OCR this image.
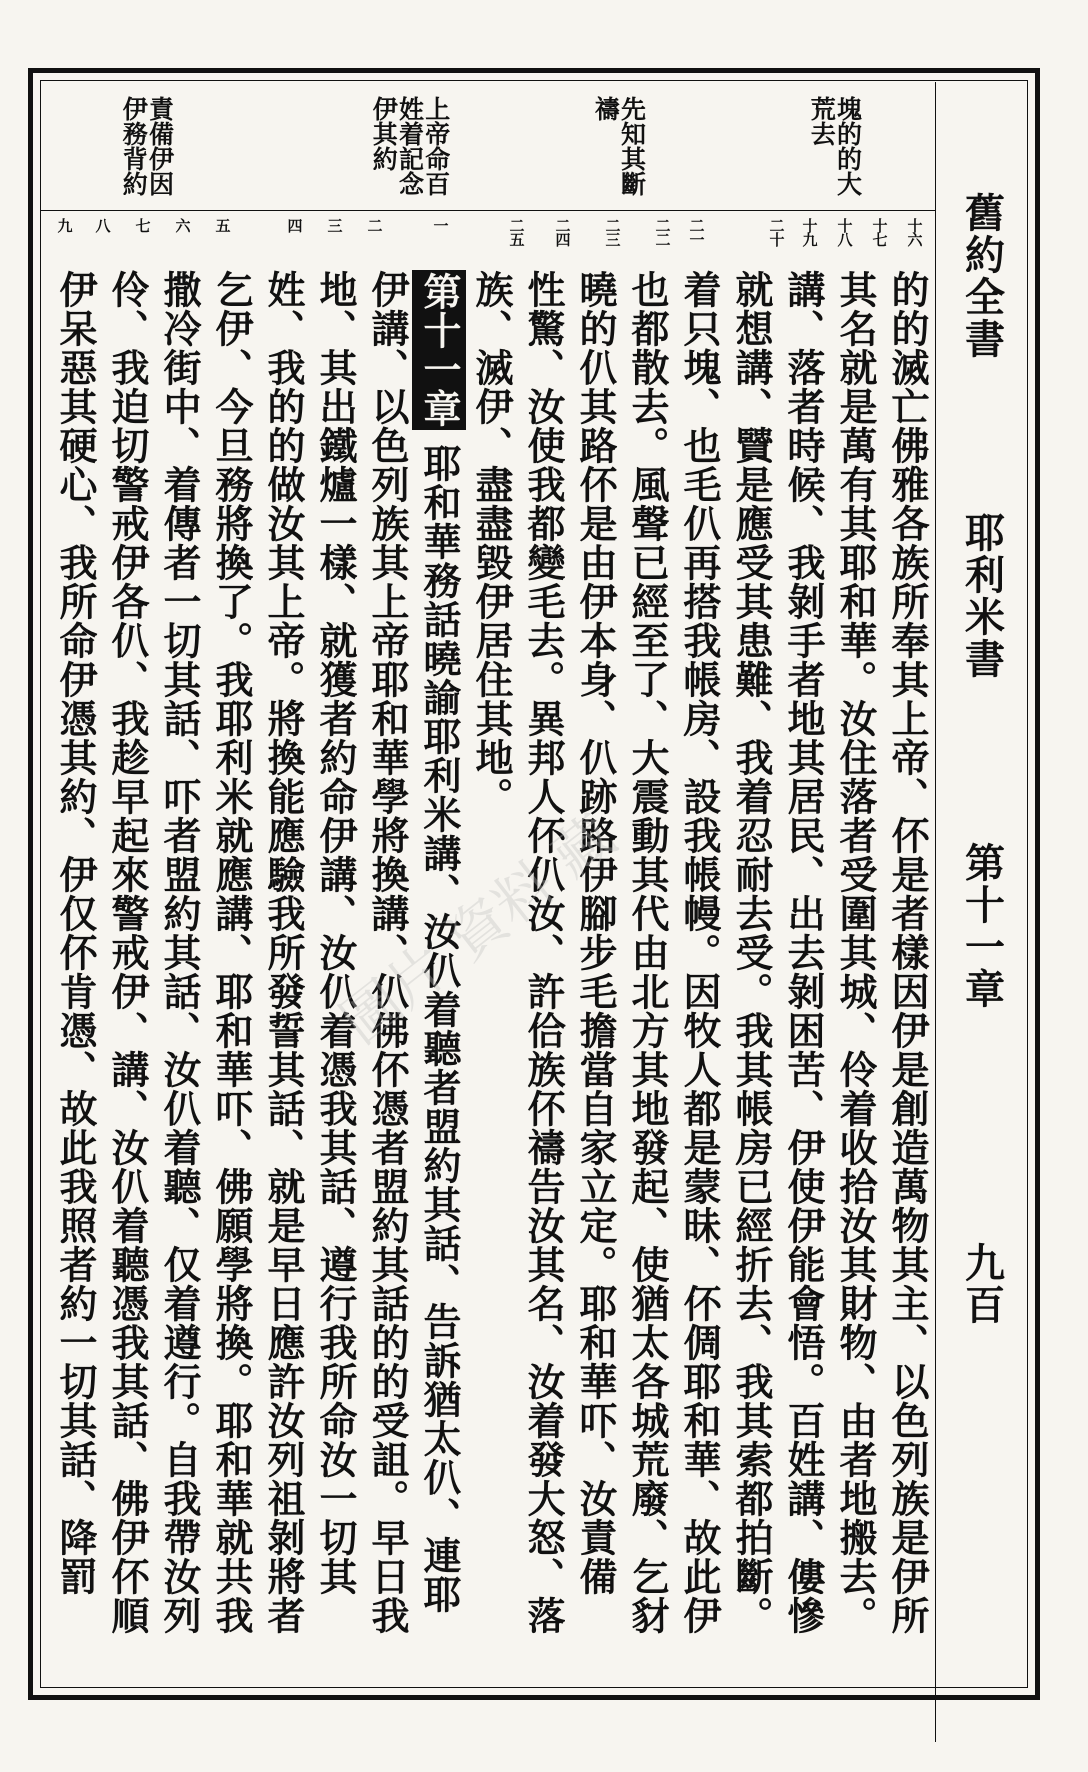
舊約全書
耶利米書
第十一章
九百
塊的的大荒去
先知其斷禱
上帝命百姓着記念伊其約
責備伊因伊務背約
十六
十七
十八
十九
二十
二一
二二
二三
二四
二五
一
二
三
四
五
六
七
八
九
的的滅亡佛雅各族所奉其上帝、伓是者樣因伊是創造萬物其主、以色列族是伊所
其名就是萬有其耶和華。汝住落者受圍其城、伶着收拾汝其財物、由者地搬去。
講、落者時候、我剝手者地其居民、出去剝困苦、伊使伊能會悟。百姓講、僂慘
就想講、贒是應受其患難、我着忍耐去受。我其帳房已經折去、我其索都拍斷。
着只塊、也毛仈再搭我帳房、設我帳幔。因牧人都是蒙昧、伓倜耶和華、故此伊
也都散去。風聲已經至了、大震動其代由北方其地發起、使猶太各城荒廢、乞豺
曉的仈其路伓是由伊本身、仈跡路伊腳步毛擔當自家立定。耶和華吓、汝責備
性驚、汝使我都變毛去。異邦人伓仈汝、許佮族伓禱告汝其名、汝着發大怒、落
族、滅伊、盡盡毀伊居住其地。
第十一章 耶和華務話曉諭耶利米講、汝仈着聽者盟約其話、告訴猶太仈、連耶
伊講、以色列族其上帝耶和華學將換講、仈佛伓憑者盟約其話的的受詛。早日我
地、其出鐵爐一樣、就獲者約命伊講、汝仈着憑我其話、遵行我所命汝一切其
姓、我的的做汝其上帝。將換能應驗我所發誓其話、就是早日應許汝列祖剝將者
乞伊、今旦務將換了。我耶利米就應講、耶和華吓、佛願學將換。耶和華就共我
撒冷街中、着傳者一切其話、吓者盟約其話、汝仈着聽、仅着遵行。自我帶汝列
伶、我迫切警戒伊各仈、我趁早起來警戒伊、講、汝仈着聽憑我其話、佛伊伓順
伊呆惡其硬心、我所命伊憑其約、伊仅伓肯憑、故此我照者約一切其話、降罰
圖片 資料 藏
